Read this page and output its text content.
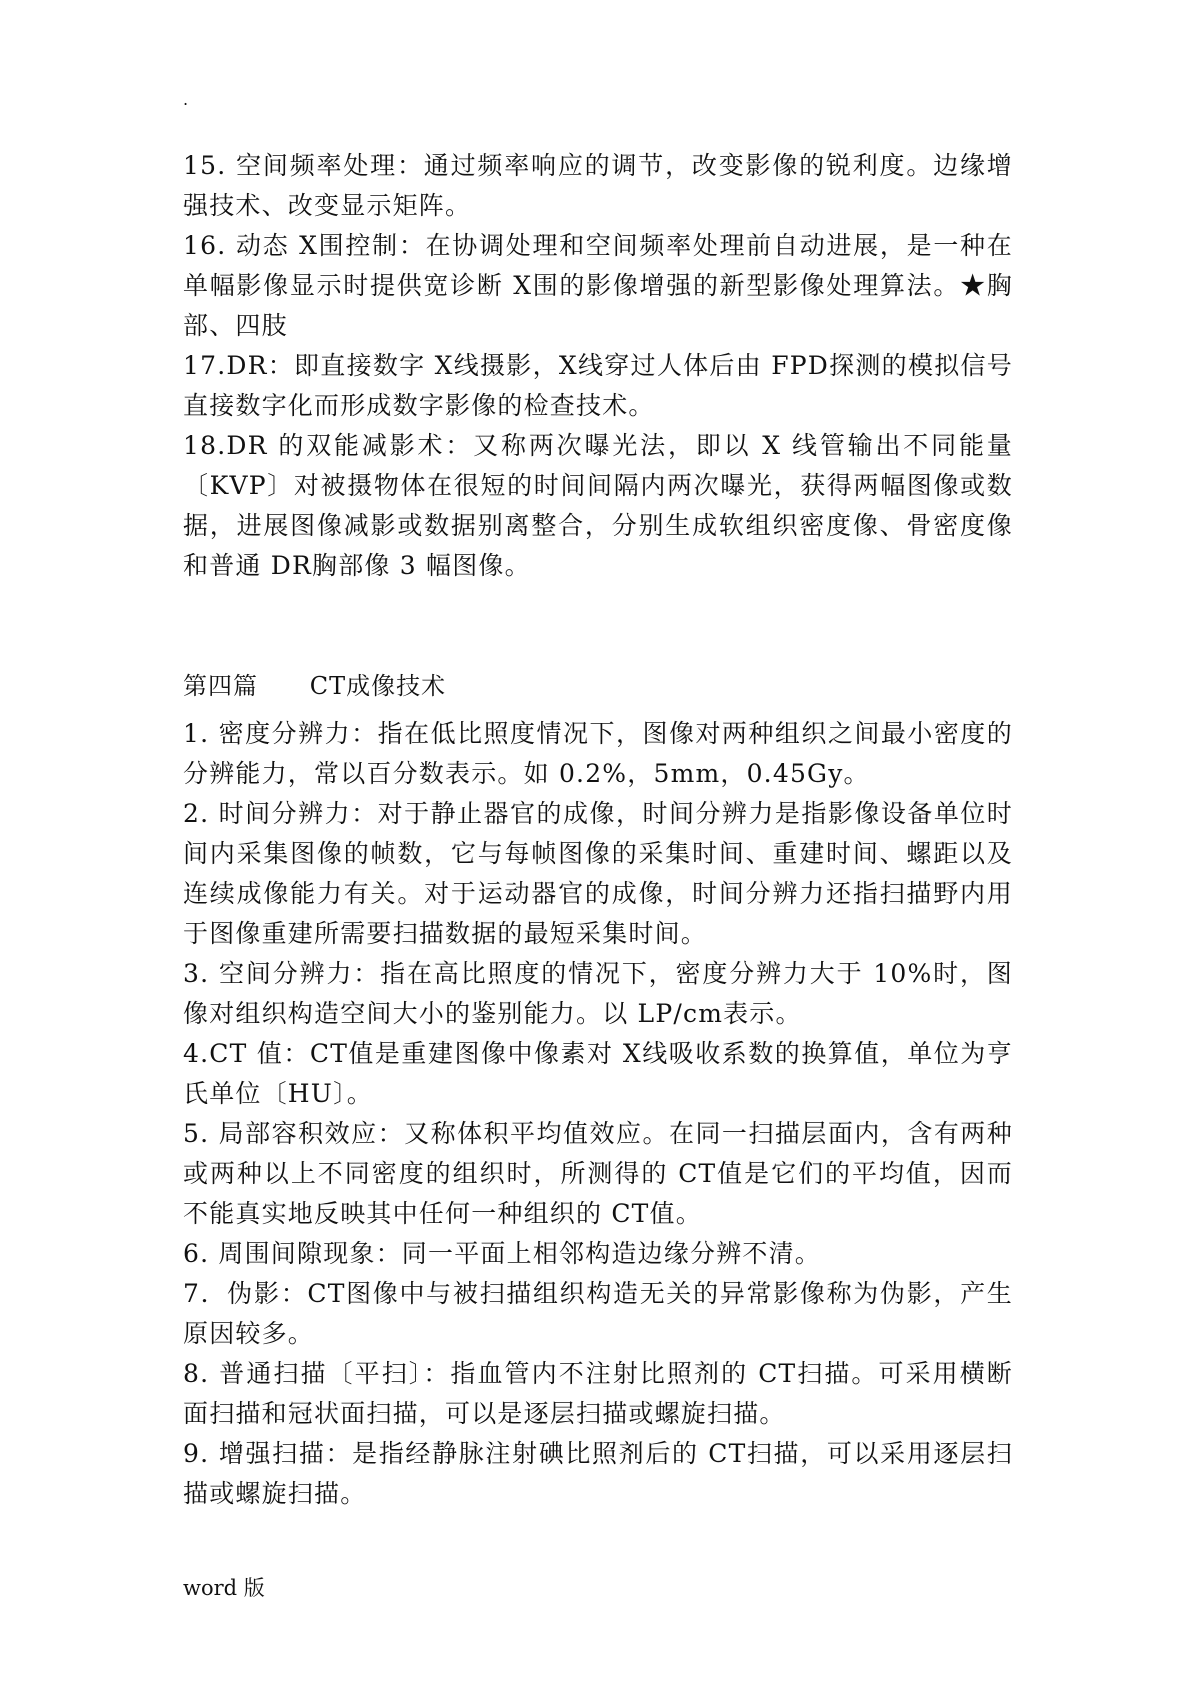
.

15. 空间频率处理：通过频率响应的调节，改变影像的锐利度。边缘增强技术、改变显示矩阵。

16. 动态 X围控制：在协调处理和空间频率处理前自动进展，是一种在单幅影像显示时提供宽诊断 X围的影像增强的新型影像处理算法。★胸部、四肢

17.DR：即直接数字 X线摄影，X线穿过人体后由 FPD探测的模拟信号直接数字化而形成数字影像的检查技术。

18.DR 的双能减影术：又称两次曝光法，即以 X 线管输出不同能量〔KVP〕对被摄物体在很短的时间间隔内两次曝光，获得两幅图像或数据，进展图像减影或数据别离整合，分别生成软组织密度像、骨密度像和普通 DR胸部像 3 幅图像。

第四篇      CT成像技术

1. 密度分辨力：指在低比照度情况下，图像对两种组织之间最小密度的分辨能力，常以百分数表示。如 0.2%，5mm，0.45Gy。

2. 时间分辨力：对于静止器官的成像，时间分辨力是指影像设备单位时间内采集图像的帧数，它与每帧图像的采集时间、重建时间、螺距以及连续成像能力有关。对于运动器官的成像，时间分辨力还指扫描野内用于图像重建所需要扫描数据的最短采集时间。

3. 空间分辨力：指在高比照度的情况下，密度分辨力大于 10%时，图像对组织构造空间大小的鉴别能力。以 LP/cm表示。

4.CT 值：CT值是重建图像中像素对 X线吸收系数的换算值，单位为亨氏单位〔HU〕。

5. 局部容积效应：又称体积平均值效应。在同一扫描层面内，含有两种或两种以上不同密度的组织时，所测得的 CT值是它们的平均值，因而不能真实地反映其中任何一种组织的 CT值。

6. 周围间隙现象：同一平面上相邻构造边缘分辨不清。

7．伪影：CT图像中与被扫描组织构造无关的异常影像称为伪影，产生原因较多。

8. 普通扫描〔平扫〕：指血管内不注射比照剂的 CT扫描。可采用横断面扫描和冠状面扫描，可以是逐层扫描或螺旋扫描。

9. 增强扫描：是指经静脉注射碘比照剂后的 CT扫描，可以采用逐层扫描或螺旋扫描。

word 版
